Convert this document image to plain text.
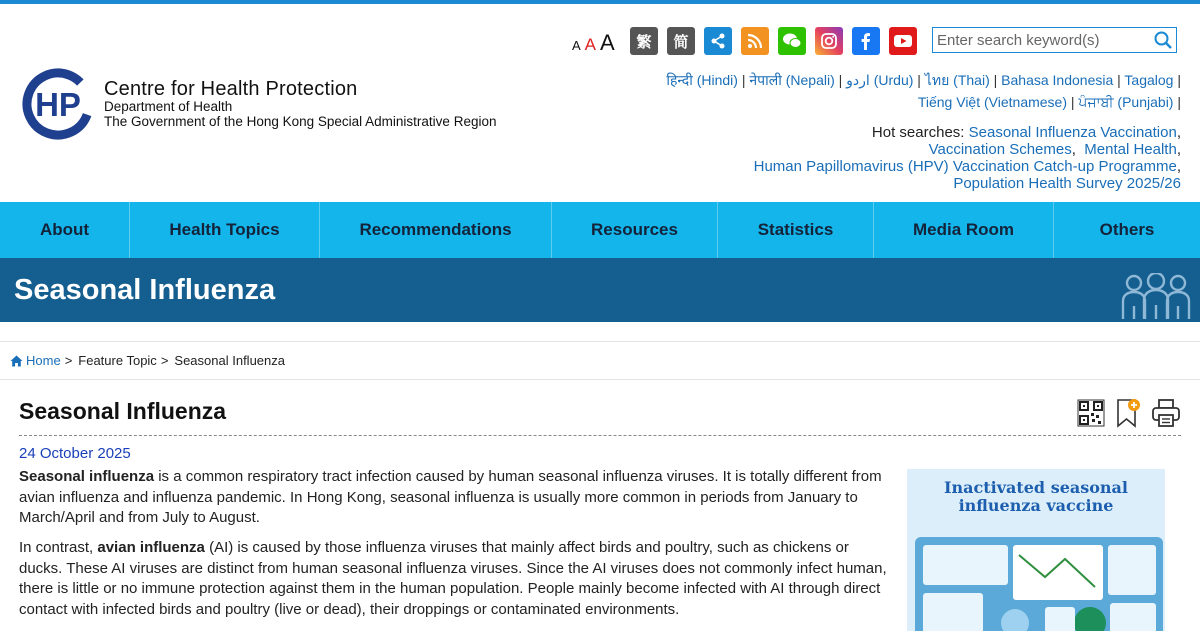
HP Centre for Health Protection
Department of Health
The Government of the Hong Kong Special Administrative Region
A A A	繁	简
Enter search keyword(s)
हिन्दी (Hindi) | नेपाली (Nepali) | اردو (Urdu) | ไทย (Thai) | Bahasa Indonesia | Tagalog |
Tiếng Việt (Vietnamese) | ਪੰਜਾਬੀ (Punjabi) |
Hot searches: Seasonal Influenza Vaccination,
Vaccination Schemes,  Mental Health,
Human Papillomavirus (HPV) Vaccination Catch-up Programme,
Population Health Survey 2025/26
About	Health Topics	Recommendations	Resources	Statistics	Media Room	Others
Seasonal Influenza
Home > Feature Topic > Seasonal Influenza
Seasonal Influenza
24 October 2025

Seasonal influenza is a common respiratory tract infection caused by human seasonal influenza viruses. It is totally different from avian influenza and influenza pandemic. In Hong Kong, seasonal influenza is usually more common in periods from January to March/April and from July to August.

In contrast, avian influenza (AI) is caused by those influenza viruses that mainly affect birds and poultry, such as chickens or ducks. These AI viruses are distinct from human seasonal influenza viruses. Since the AI viruses does not commonly infect human, there is little or no immune protection against them in the human population. People mainly become infected with AI through direct contact with infected birds and poultry (live or dead), their droppings or contaminated environments.

Inactivated seasonal influenza vaccine
